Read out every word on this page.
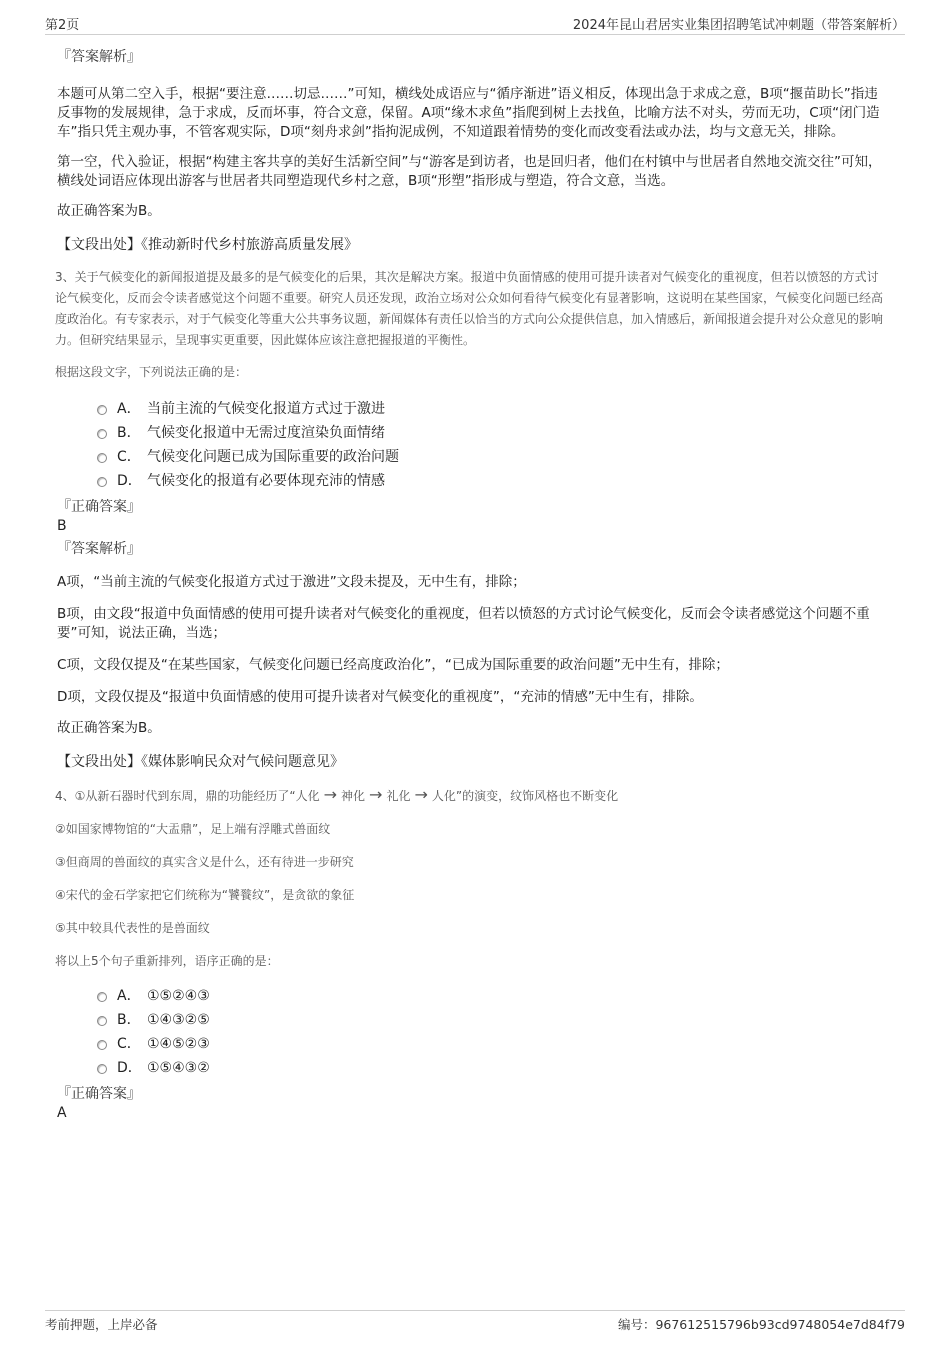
第2页	2024年昆山君居实业集团招聘笔试冲刺题（带答案解析）
『答案解析』

本题可从第二空入手，根据“要注意……切忌……”可知，横线处成语应与“循序渐进”语义相反，体现出急于求成之意，B项“揠苗助长”指违反事物的发展规律，急于求成，反而坏事，符合文意，保留。A项“缘木求鱼”指爬到树上去找鱼，比喻方法不对头，劳而无功，C项“闭门造车”指只凭主观办事，不管客观实际，D项“刻舟求剑”指拘泥成例，不知道跟着情势的变化而改变看法或办法，均与文意无关，排除。

第一空，代入验证，根据“构建主客共享的美好生活新空间”与“游客是到访者，也是回归者，他们在村镇中与世居者自然地交流交往”可知，横线处词语应体现出游客与世居者共同塑造现代乡村之意，B项“形塑”指形成与塑造，符合文意，当选。

故正确答案为B。

【文段出处】《推动新时代乡村旅游高质量发展》

3、关于气候变化的新闻报道提及最多的是气候变化的后果，其次是解决方案。报道中负面情感的使用可提升读者对气候变化的重视度，但若以愤怒的方式讨论气候变化，反而会令读者感觉这个问题不重要。研究人员还发现，政治立场对公众如何看待气候变化有显著影响，这说明在某些国家，气候变化问题已经高度政治化。有专家表示，对于气候变化等重大公共事务议题，新闻媒体有责任以恰当的方式向公众提供信息，加入情感后，新闻报道会提升对公众意见的影响力。但研究结果显示，呈现事实更重要，因此媒体应该注意把握报道的平衡性。

根据这段文字，下列说法正确的是：

A． 当前主流的气候变化报道方式过于激进
B． 气候变化报道中无需过度渲染负面情绪
C． 气候变化问题已成为国际重要的政治问题
D． 气候变化的报道有必要体现充沛的情感
『正确答案』
B
『答案解析』

A项，“当前主流的气候变化报道方式过于激进”文段未提及，无中生有，排除；

B项，由文段“报道中负面情感的使用可提升读者对气候变化的重视度，但若以愤怒的方式讨论气候变化，反而会令读者感觉这个问题不重要”可知，说法正确，当选；

C项，文段仅提及“在某些国家，气候变化问题已经高度政治化”，“已成为国际重要的政治问题”无中生有，排除；

D项，文段仅提及“报道中负面情感的使用可提升读者对气候变化的重视度”，“充沛的情感”无中生有，排除。

故正确答案为B。

【文段出处】《媒体影响民众对气候问题意见》

4、①从新石器时代到东周，鼎的功能经历了“人化 → 神化 → 礼化 → 人化”的演变，纹饰风格也不断变化

②如国家博物馆的“大盂鼎”，足上端有浮雕式兽面纹

③但商周的兽面纹的真实含义是什么，还有待进一步研究

④宋代的金石学家把它们统称为“饕餮纹”，是贪欲的象征

⑤其中较具代表性的是兽面纹

将以上5个句子重新排列，语序正确的是：

A． ①⑤②④③
B． ①④③②⑤
C． ①④⑤②③
D． ①⑤④③②
『正确答案』
A
考前押题，上岸必备	编号：967612515796b93cd9748054e7d84f79
